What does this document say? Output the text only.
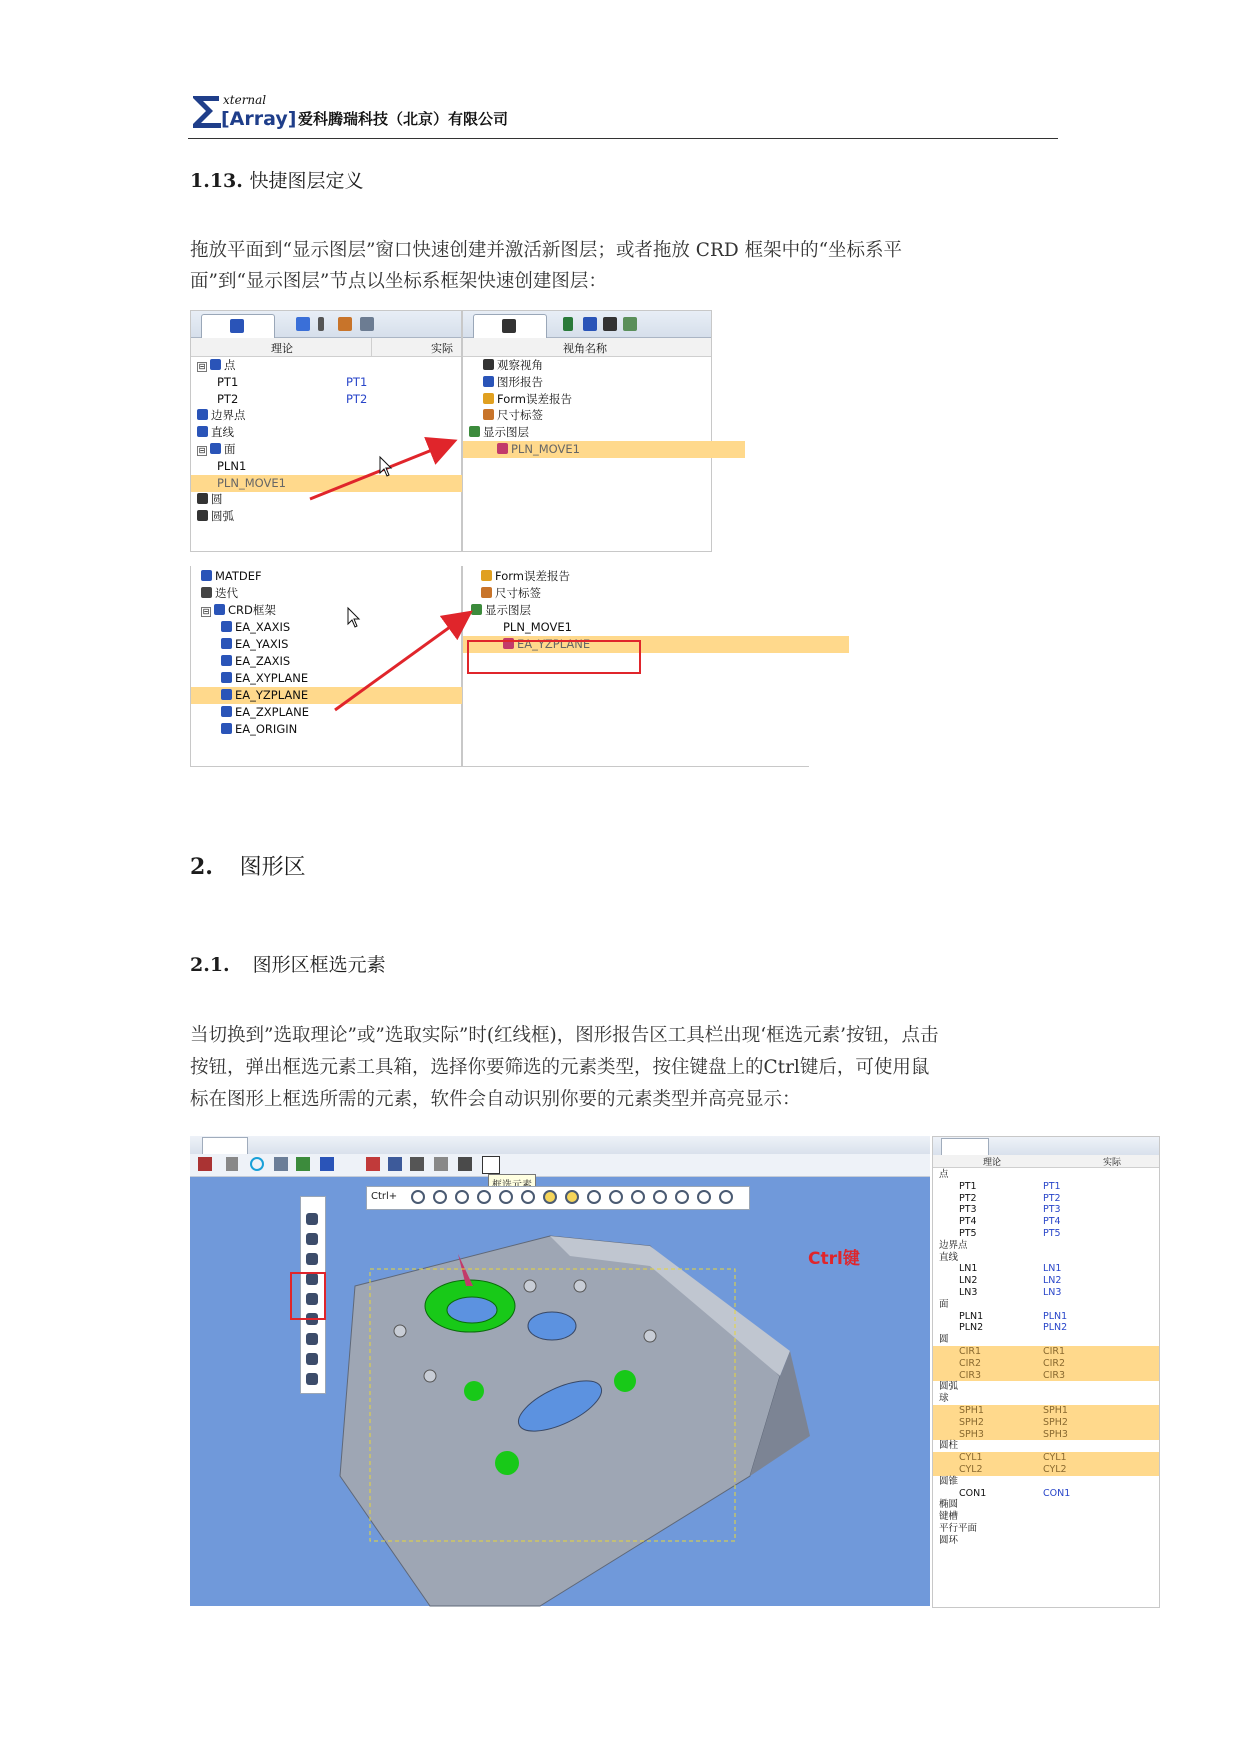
xternal
[Array] 爱科腾瑞科技（北京）有限公司
1.13. 快捷图层定义

拖放平面到“显示图层”窗口快速创建并激活新图层；或者拖放 CRD 框架中的“坐标系平

面”到“显示图层”节点以坐标系框架快速创建图层：

理论	实际
⊟ 点
PT1	PT1
PT2	PT2
边界点
直线
⊟ 面
PLN1
PLN_MOVE1
圆
圆弧
视角名称
观察视角
图形报告
Form误差报告
尺寸标签
显示图层
PLN_MOVE1
MATDEF
迭代
⊟ CRD框架
EA_XAXIS
EA_YAXIS
EA_ZAXIS
EA_XYPLANE
EA_YZPLANE
EA_ZXPLANE
EA_ORIGIN
Form误差报告
尺寸标签
显示图层
PLN_MOVE1
EA_YZPLANE
2. 图形区
2.1. 图形区框选元素

当切换到”选取理论”或”选取实际”时(红线框)，图形报告区工具栏出现‘框选元素’按钮，点击

按钮，弹出框选元素工具箱，选择你要筛选的元素类型，按住键盘上的Ctrl键后，可使用鼠

标在图形上框选所需的元素，软件会自动识别你要的元素类型并高亮显示：

Ctrl+
Ctrl键
理论	实际
点
PT1	PT1
PT2	PT2
PT3	PT3
PT4	PT4
PT5	PT5
边界点
直线
LN1	LN1
LN2	LN2
LN3	LN3
面
PLN1	PLN1
PLN2	PLN2
圆
CIR1	CIR1
CIR2	CIR2
CIR3	CIR3
圆弧
球
SPH1	SPH1
SPH2	SPH2
SPH3	SPH3
圆柱
CYL1	CYL1
CYL2	CYL2
圆锥
CON1	CON1
椭圆
键槽
平行平面
圆环
